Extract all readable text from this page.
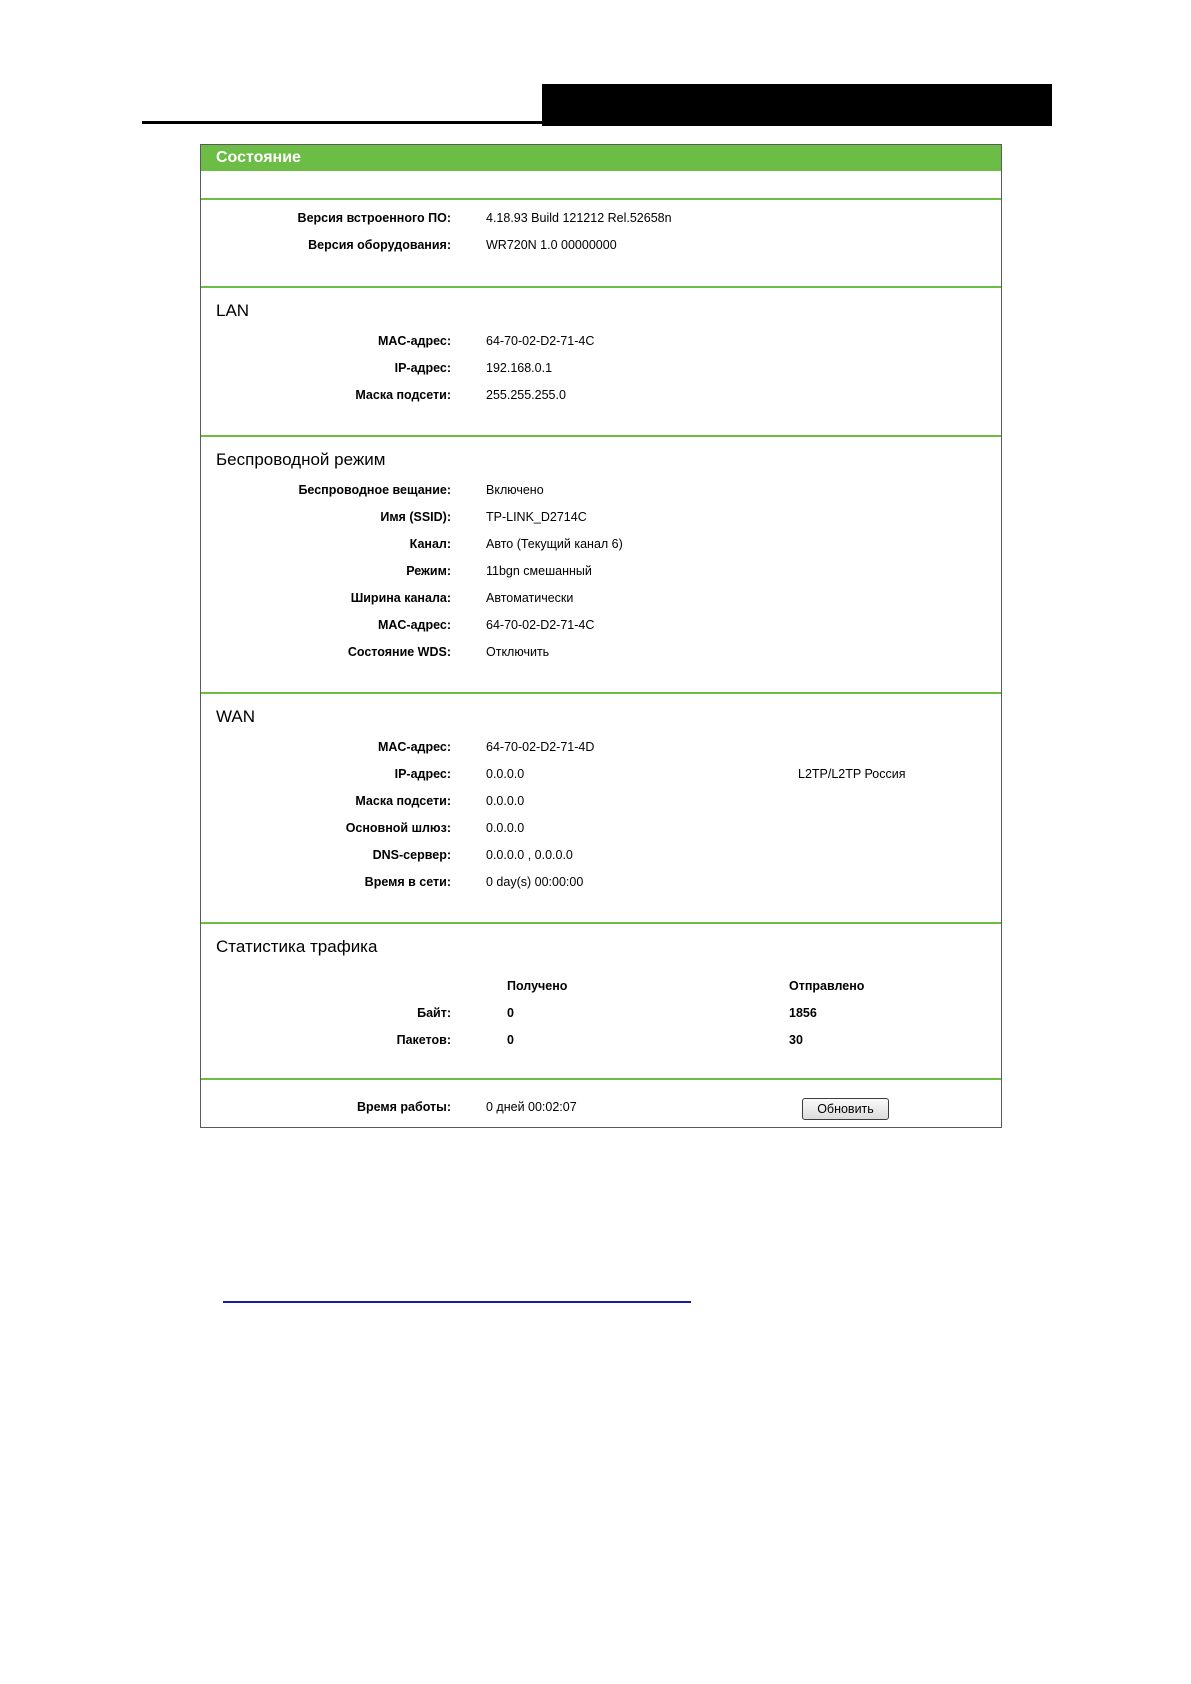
Состояние
Версия встроенного ПО:	4.18.93 Build 121212 Rel.52658n
Версия оборудования:	WR720N 1.0 00000000
LAN
MAC-адрес:	64-70-02-D2-71-4C
IP-адрес:	192.168.0.1
Маска подсети:	255.255.255.0
Беспроводной режим
Беспроводное вещание:	Включено
Имя (SSID):	TP-LINK_D2714C
Канал:	Авто (Текущий канал 6)
Режим:	11bgn смешанный
Ширина канала:	Автоматически
MAC-адрес:	64-70-02-D2-71-4C
Состояние WDS:	Отключить
WAN
MAC-адрес:	64-70-02-D2-71-4D
IP-адрес:	0.0.0.0	L2TP/L2TP Россия
Маска подсети:	0.0.0.0
Основной шлюз:	0.0.0.0
DNS-сервер:	0.0.0.0 , 0.0.0.0
Время в сети:	0 day(s) 00:00:00
Статистика трафика
Получено	Отправлено
Байт:	0	1856
Пакетов:	0	30
Время работы:	0 дней 00:02:07	Обновить
